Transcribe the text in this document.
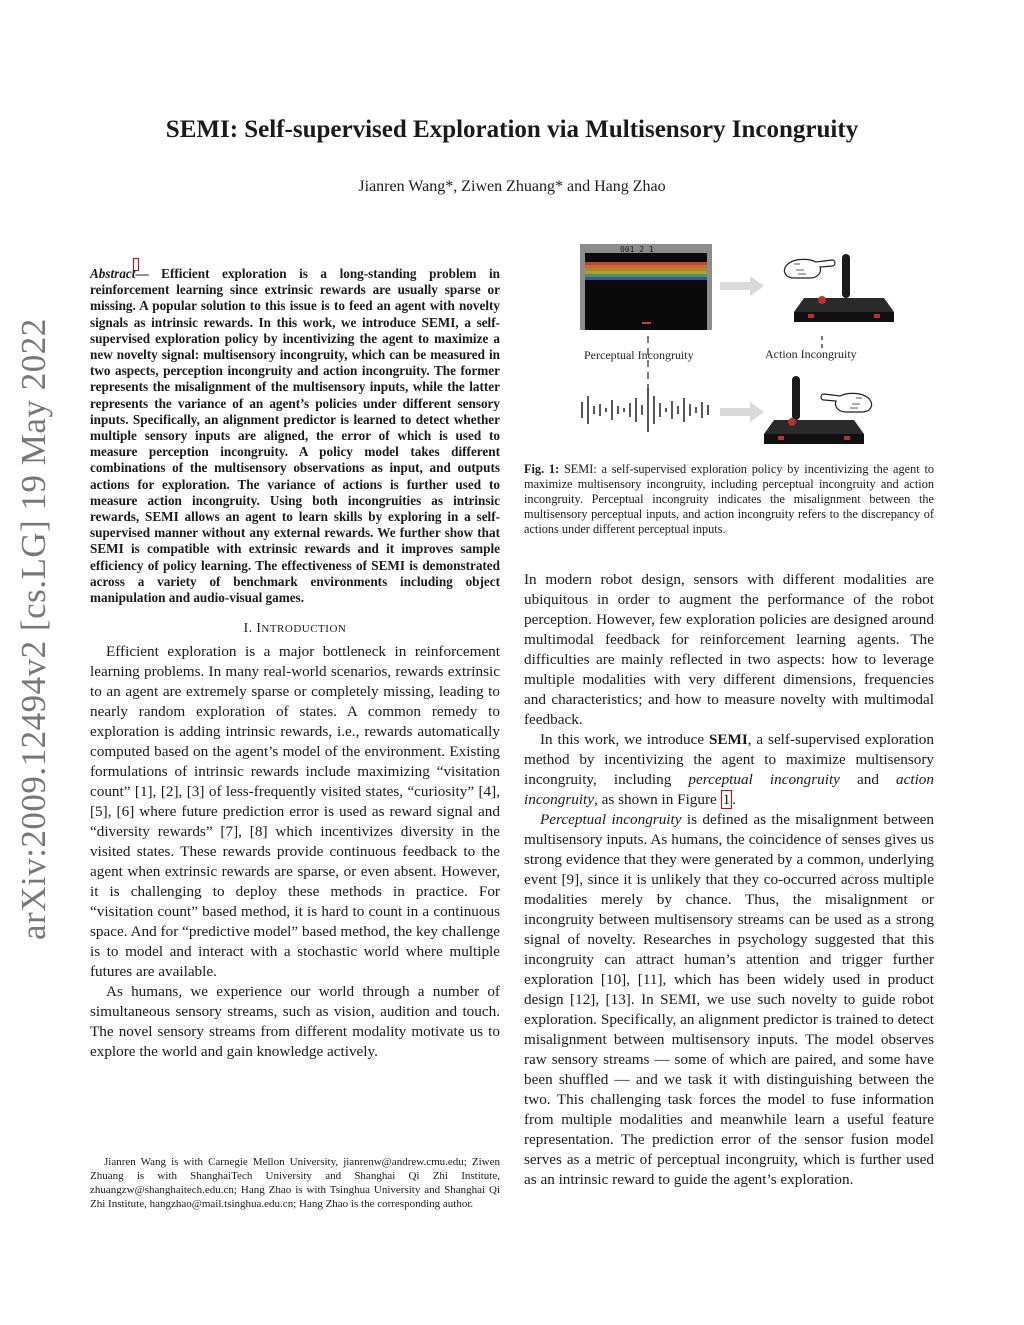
SEMI: Self-supervised Exploration via Multisensory Incongruity
Jianren Wang*, Ziwen Zhuang* and Hang Zhao
arXiv:2009.12494v2 [cs.LG] 19 May 2022
Abstract— Efficient exploration is a long-standing problem in reinforcement learning since extrinsic rewards are usually sparse or missing. A popular solution to this issue is to feed an agent with novelty signals as intrinsic rewards. In this work, we introduce SEMI, a self-supervised exploration policy by incentivizing the agent to maximize a new novelty signal: multisensory incongruity, which can be measured in two aspects, perception incongruity and action incongruity. The former represents the misalignment of the multisensory inputs, while the latter represents the variance of an agent’s policies under different sensory inputs. Specifically, an alignment predictor is learned to detect whether multiple sensory inputs are aligned, the error of which is used to measure perception incongruity. A policy model takes different combinations of the multisensory observations as input, and outputs actions for exploration. The variance of actions is further used to measure action incongruity. Using both incongruities as intrinsic rewards, SEMI allows an agent to learn skills by exploring in a self-supervised manner without any external rewards. We further show that SEMI is compatible with extrinsic rewards and it improves sample efficiency of policy learning. The effectiveness of SEMI is demonstrated across a variety of benchmark environments including object manipulation and audio-visual games.
I. INTRODUCTION

Efficient exploration is a major bottleneck in reinforcement learning problems. In many real-world scenarios, rewards extrinsic to an agent are extremely sparse or completely missing, leading to nearly random exploration of states. A common remedy to exploration is adding intrinsic rewards, i.e., rewards automatically computed based on the agent’s model of the environment. Existing formulations of intrinsic rewards include maximizing “visitation count” [1], [2], [3] of less-frequently visited states, “curiosity” [4], [5], [6] where future prediction error is used as reward signal and “diversity rewards” [7], [8] which incentivizes diversity in the visited states. These rewards provide continuous feedback to the agent when extrinsic rewards are sparse, or even absent. However, it is challenging to deploy these methods in practice. For “visitation count” based method, it is hard to count in a continuous space. And for “predictive model” based method, the key challenge is to model and interact with a stochastic world where multiple futures are available.

As humans, we experience our world through a number of simultaneous sensory streams, such as vision, audition and touch. The novel sensory streams from different modality motivate us to explore the world and gain knowledge actively.

Jianren Wang is with Carnegie Mellon University, jianrenw@andrew.cmu.edu; Ziwen Zhuang is with ShanghaiTech University and Shanghai Qi Zhi Institute, zhuangzw@shanghaitech.edu.cn; Hang Zhao is with Tsinghua University and Shanghai Qi Zhi Institute, hangzhao@mail.tsinghua.edu.cn; Hang Zhao is the corresponding author.
001 2 1
Perceptual Incongruity	Action Incongruity
Fig. 1: SEMI: a self-supervised exploration policy by incentivizing the agent to maximize multisensory incongruity, including perceptual incongruity and action incongruity. Perceptual incongruity indicates the misalignment between the multisensory perceptual inputs, and action incongruity refers to the discrepancy of actions under different perceptual inputs.

In modern robot design, sensors with different modalities are ubiquitous in order to augment the performance of the robot perception. However, few exploration policies are designed around multimodal feedback for reinforcement learning agents. The difficulties are mainly reflected in two aspects: how to leverage multiple modalities with very different dimensions, frequencies and characteristics; and how to measure novelty with multimodal feedback.

In this work, we introduce SEMI, a self-supervised exploration method by incentivizing the agent to maximize multisensory incongruity, including perceptual incongruity and action incongruity, as shown in Figure 1 .

Perceptual incongruity is defined as the misalignment between multisensory inputs. As humans, the coincidence of senses gives us strong evidence that they were generated by a common, underlying event [9], since it is unlikely that they co-occurred across multiple modalities merely by chance. Thus, the misalignment or incongruity between multisensory streams can be used as a strong signal of novelty. Researches in psychology suggested that this incongruity can attract human’s attention and trigger further exploration [10], [11], which has been widely used in product design [12], [13]. In SEMI, we use such novelty to guide robot exploration. Specifically, an alignment predictor is trained to detect misalignment between multisensory inputs. The model observes raw sensory streams — some of which are paired, and some have been shuffled — and we task it with distinguishing between the two. This challenging task forces the model to fuse information from multiple modalities and meanwhile learn a useful feature representation. The prediction error of the sensor fusion model serves as a metric of perceptual incongruity, which is further used as an intrinsic reward to guide the agent’s exploration.
